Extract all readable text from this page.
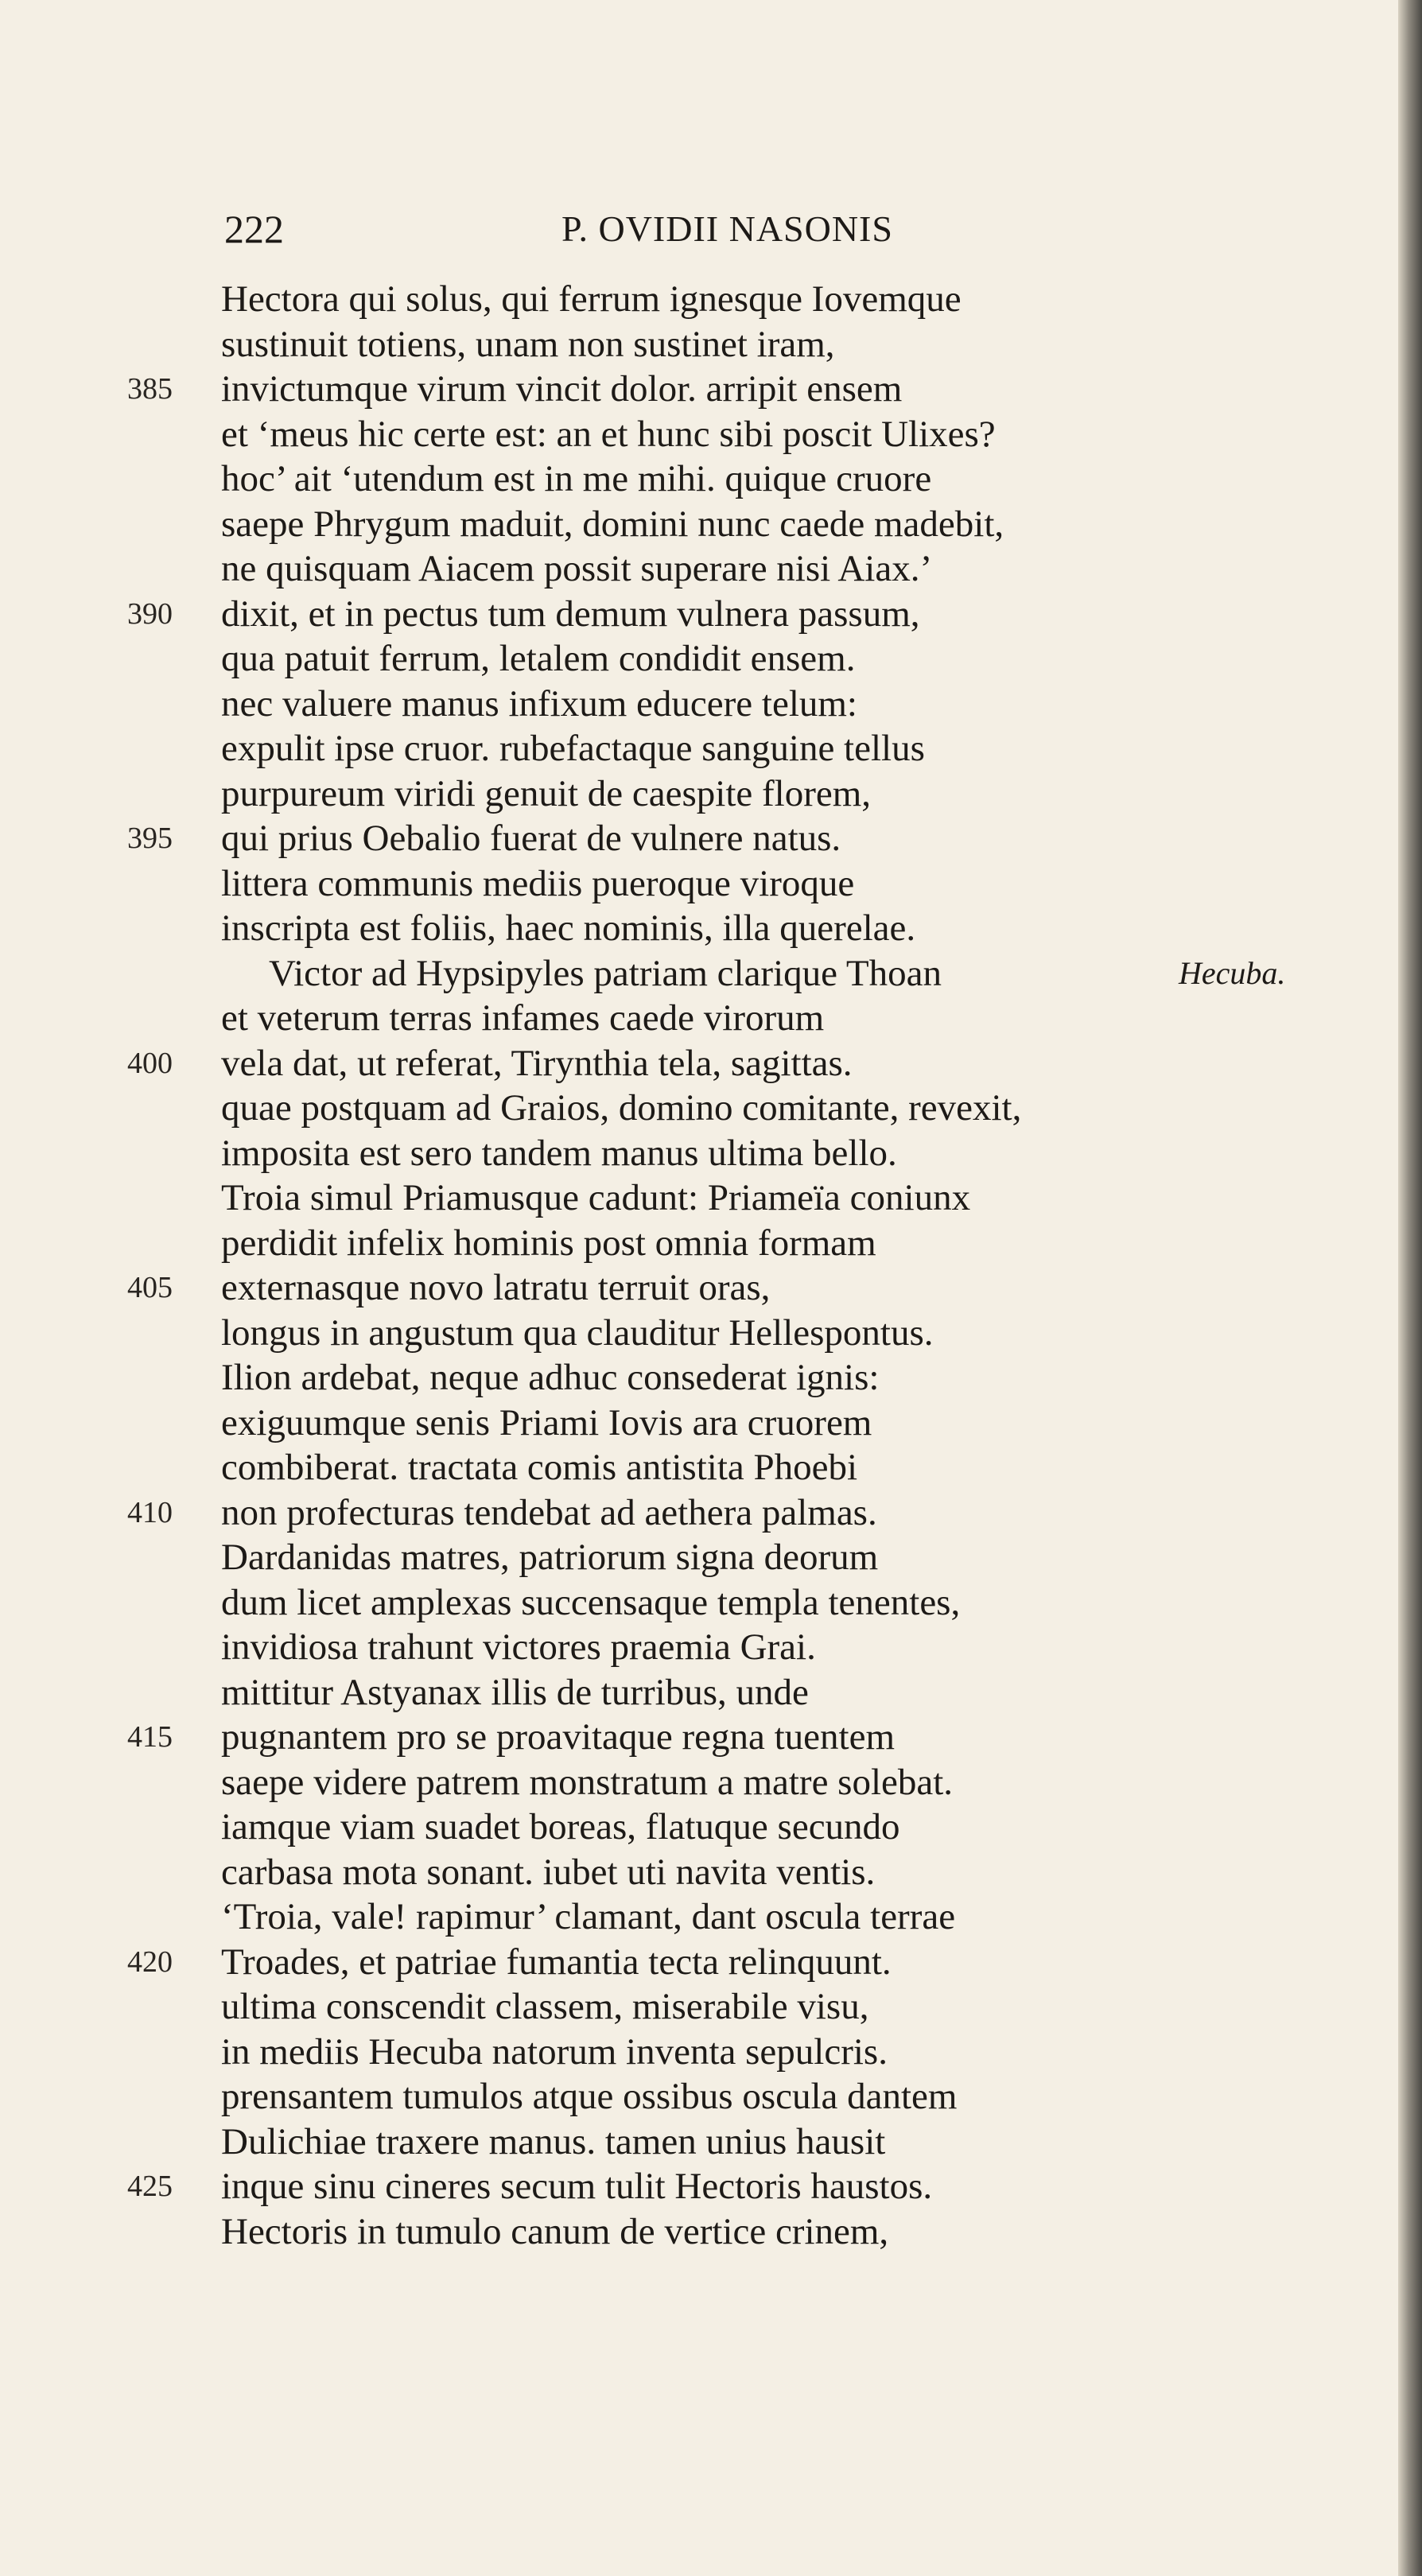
222	P. OVIDII NASONIS
Hectora qui solus, qui ferrum ignesque Iovemque
sustinuit totiens, unam non sustinet iram,
385	invictumque virum vincit dolor. arripit ensem
et ‘meus hic certe est: an et hunc sibi poscit Ulixes?
hoc’ ait ‘utendum est in me mihi. quique cruore
saepe Phrygum maduit, domini nunc caede madebit,
ne quisquam Aiacem possit superare nisi Aiax.’
390	dixit, et in pectus tum demum vulnera passum,
qua patuit ferrum, letalem condidit ensem.
nec valuere manus infixum educere telum:
expulit ipse cruor. rubefactaque sanguine tellus
purpureum viridi genuit de caespite florem,
395	qui prius Oebalio fuerat de vulnere natus.
littera communis mediis pueroque viroque
inscripta est foliis, haec nominis, illa querelae.
Victor ad Hypsipyles patriam clarique Thoan	Hecuba.
et veterum terras infames caede virorum
400	vela dat, ut referat, Tirynthia tela, sagittas.
quae postquam ad Graios, domino comitante, revexit,
imposita est sero tandem manus ultima bello.
Troia simul Priamusque cadunt: Priameïa coniunx
perdidit infelix hominis post omnia formam
405	externasque novo latratu terruit oras,
longus in angustum qua clauditur Hellespontus.
Ilion ardebat, neque adhuc consederat ignis:
exiguumque senis Priami Iovis ara cruorem
combiberat. tractata comis antistita Phoebi
410	non profecturas tendebat ad aethera palmas.
Dardanidas matres, patriorum signa deorum
dum licet amplexas succensaque templa tenentes,
invidiosa trahunt victores praemia Grai.
mittitur Astyanax illis de turribus, unde
415	pugnantem pro se proavitaque regna tuentem
saepe videre patrem monstratum a matre solebat.
iamque viam suadet boreas, flatuque secundo
carbasa mota sonant. iubet uti navita ventis.
‘Troia, vale! rapimur’ clamant, dant oscula terrae
420	Troades, et patriae fumantia tecta relinquunt.
ultima conscendit classem, miserabile visu,
in mediis Hecuba natorum inventa sepulcris.
prensantem tumulos atque ossibus oscula dantem
Dulichiae traxere manus. tamen unius hausit
425	inque sinu cineres secum tulit Hectoris haustos.
Hectoris in tumulo canum de vertice crinem,
